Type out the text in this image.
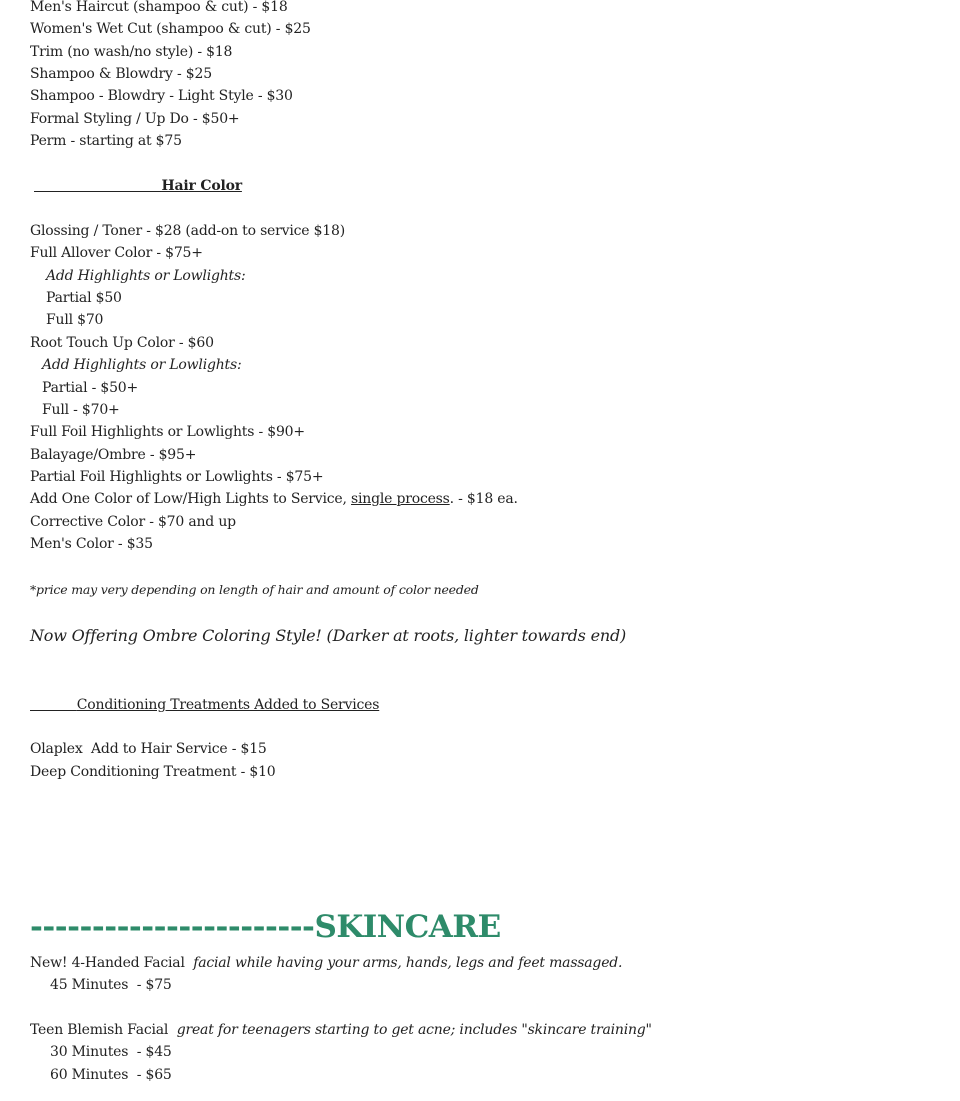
Men's Haircut (shampoo & cut) - $18
Women's Wet Cut (shampoo & cut) - $25
Trim (no wash/no style) - $18
Shampoo & Blowdry - $25
Shampoo - Blowdry - Light Style - $30
Formal Styling / Up Do - $50+
Perm - starting at $75
Hair Color
Glossing / Toner - $28 (add-on to service $18)
Full Allover Color - $75+
Add Highlights or Lowlights:
Partial $50
Full $70
Root Touch Up Color - $60
Add Highlights or Lowlights:
Partial - $50+
Full - $70+
Full Foil Highlights or Lowlights - $90+
Balayage/Ombre - $95+
Partial Foil Highlights or Lowlights - $75+
Add One Color of Low/High Lights to Service, single process. - $18 ea.
Corrective Color - $70 and up
Men's Color - $35
*price may very depending on length of hair and amount of color needed
Now Offering Ombre Coloring Style! (Darker at roots, lighter towards end)
Conditioning Treatments Added to Services
Olaplex  Add to Hair Service - $15
Deep Conditioning Treatment - $10
-----------------------SKINCARE
New! 4-Handed Facial  facial while having your arms, hands, legs and feet massaged.
45 Minutes  - $75
Teen Blemish Facial  great for teenagers starting to get acne; includes "skincare training"
30 Minutes  - $45
60 Minutes  - $65
